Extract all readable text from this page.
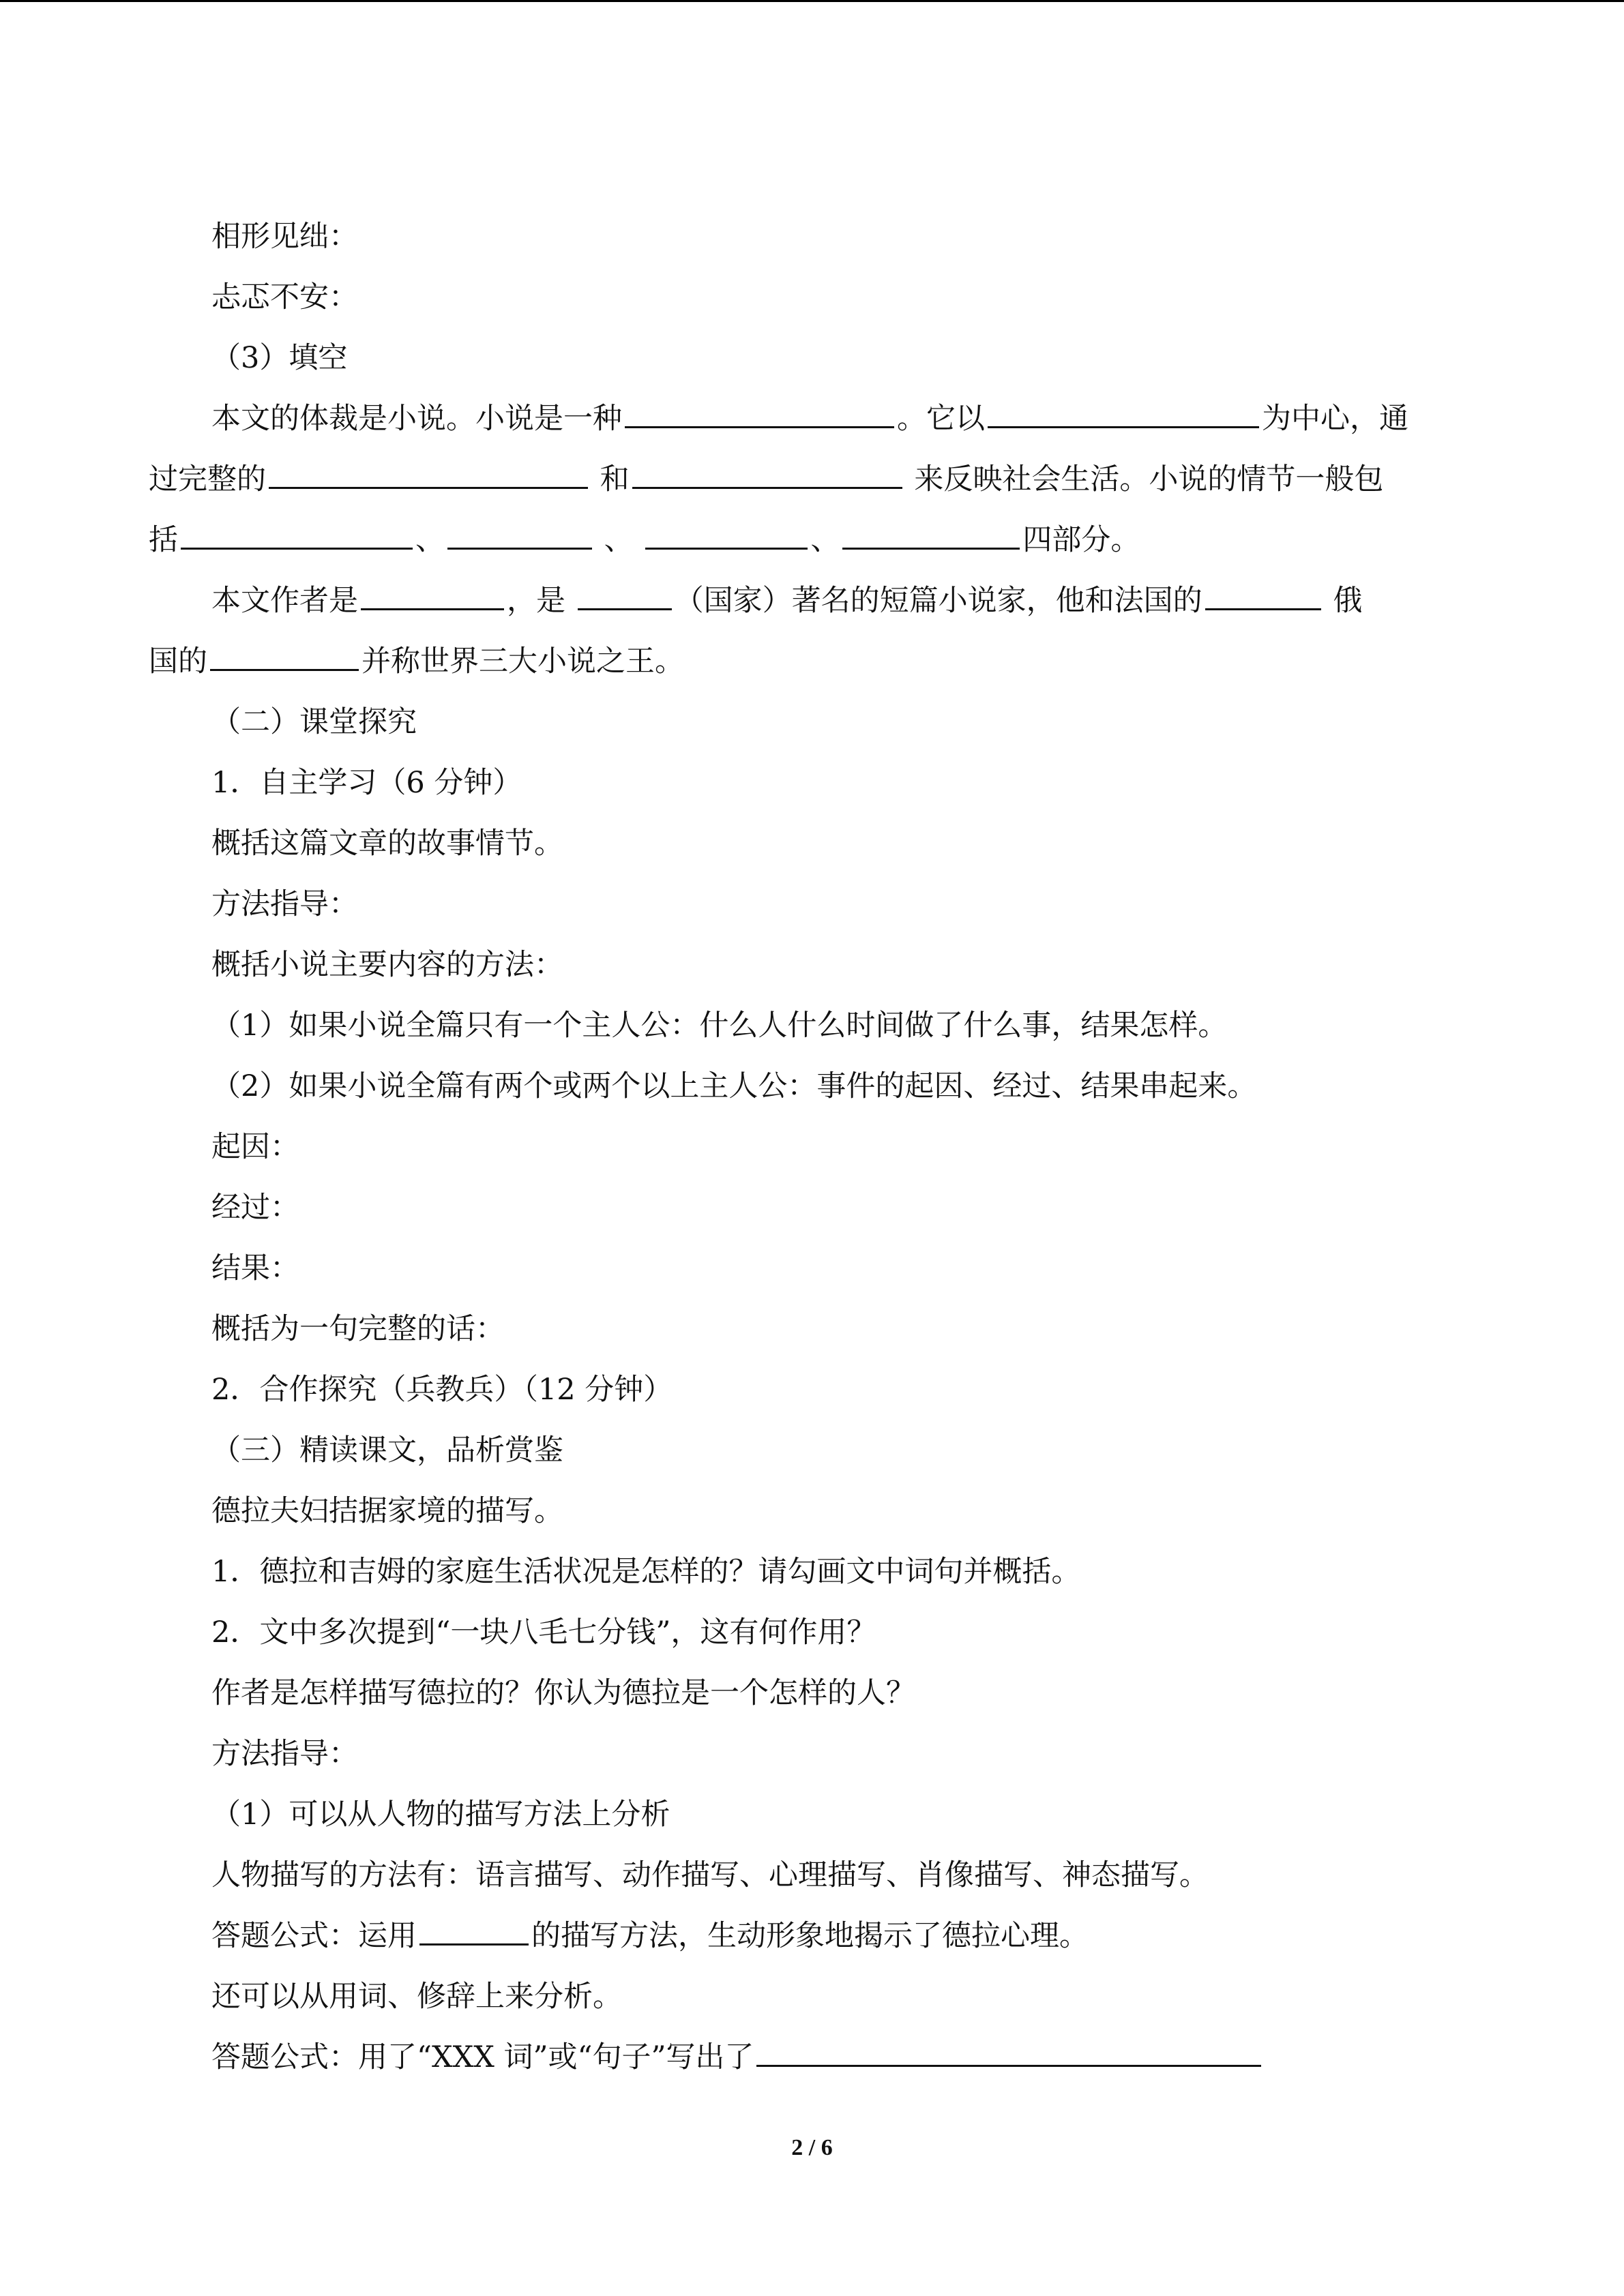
相形见绌：
忐忑不安：
（3）填空
本文的体裁是小说。小说是一种	。它以	为中心，通
过完整的	和	来反映社会生活。小说的情节一般包
括	、	、	、	四部分。
本文作者是	，是	（国家）著名的短篇小说家，他和法国的	俄
国的	并称世界三大小说之王。
（二）课堂探究
1．自主学习（6 分钟）
概括这篇文章的故事情节。
方法指导：
概括小说主要内容的方法：
（1）如果小说全篇只有一个主人公：什么人什么时间做了什么事，结果怎样。
（2）如果小说全篇有两个或两个以上主人公：事件的起因、经过、结果串起来。
起因：
经过：
结果：
概括为一句完整的话：
2．合作探究（兵教兵）（12 分钟）
（三）精读课文，品析赏鉴
德拉夫妇拮据家境的描写。
1．德拉和吉姆的家庭生活状况是怎样的？请勾画文中词句并概括。
2．文中多次提到“一块八毛七分钱”，这有何作用？
作者是怎样描写德拉的？你认为德拉是一个怎样的人？
方法指导：
（1）可以从人物的描写方法上分析
人物描写的方法有：语言描写、动作描写、心理描写、肖像描写、神态描写。
答题公式：运用	的描写方法，生动形象地揭示了德拉心理。
还可以从用词、修辞上来分析。
答题公式：用了“XXX 词”或“句子”写出了
2 / 6
